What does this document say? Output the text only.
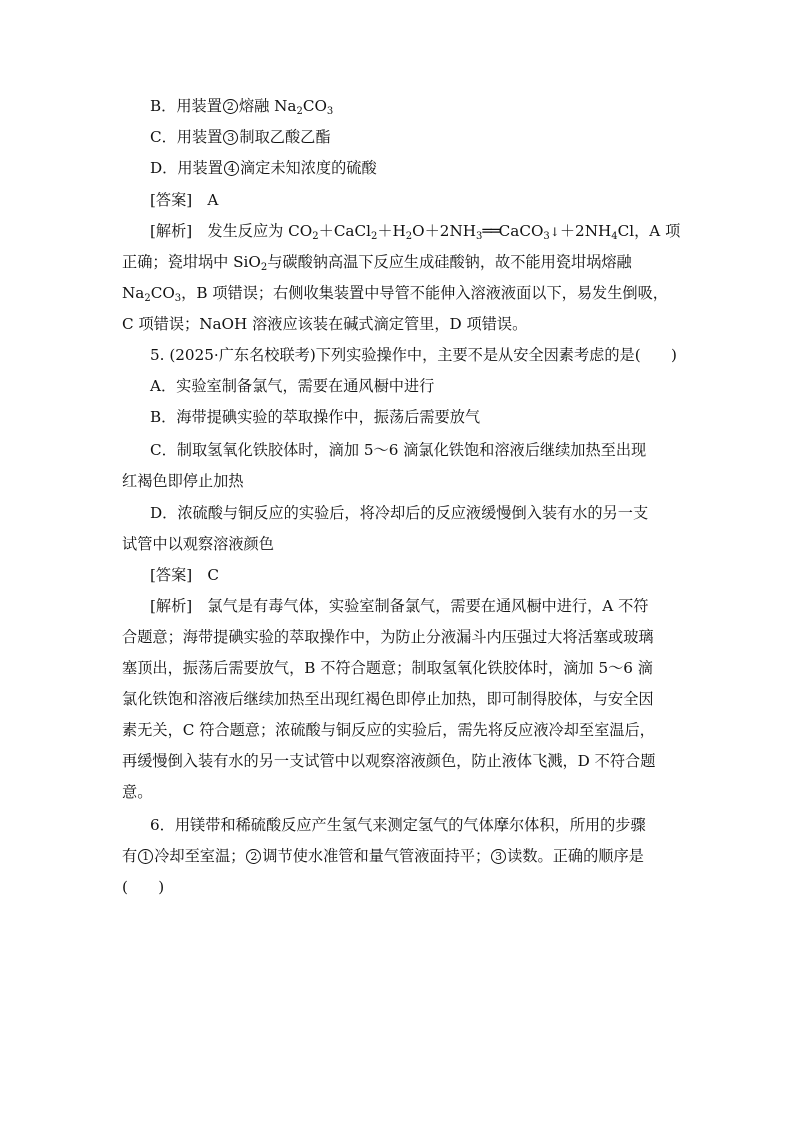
B．用装置 2 熔融 $Na_2CO_3$
C．用装置 3 制取乙酸乙酯
D．用装置 4 滴定未知浓度的硫酸
[答案]　A
[解析]　发生反应为 $CO_2+CaCl_2+H_2O+2NH_3══CaCO_3↓+2NH_4Cl$，A 项
正确；瓷坩埚中 SiO$_2$与碳酸钠高温下反应生成硅酸钠，故不能用瓷坩埚熔融
$Na_2CO_3$，B 项错误；右侧收集装置中导管不能伸入溶液液面以下，易发生倒吸，
C 项错误；NaOH 溶液应该装在碱式滴定管里，D 项错误。
5. (2025·广东名校联考)下列实验操作中，主要不是从安全因素考虑的是(　　)
A．实验室制备氯气，需要在通风橱中进行
B．海带提碘实验的萃取操作中，振荡后需要放气
C．制取氢氧化铁胶体时，滴加 5～6 滴氯化铁饱和溶液后继续加热至出现
红褐色即停止加热
D．浓硫酸与铜反应的实验后，将冷却后的反应液缓慢倒入装有水的另一支
试管中以观察溶液颜色
[答案]　C
[解析]　氯气是有毒气体，实验室制备氯气，需要在通风橱中进行，A 不符
合题意；海带提碘实验的萃取操作中，为防止分液漏斗内压强过大将活塞或玻璃
塞顶出，振荡后需要放气，B 不符合题意；制取氢氧化铁胶体时，滴加 5～6 滴
氯化铁饱和溶液后继续加热至出现红褐色即停止加热，即可制得胶体，与安全因
素无关，C 符合题意；浓硫酸与铜反应的实验后，需先将反应液冷却至室温后，
再缓慢倒入装有水的另一支试管中以观察溶液颜色，防止液体飞溅，D 不符合题
意。
6．用镁带和稀硫酸反应产生氢气来测定氢气的气体摩尔体积，所用的步骤
有 1 冷却至室温； 2 调节使水准管和量气管液面持平； 3 读数。正确的顺序是
(　　)
